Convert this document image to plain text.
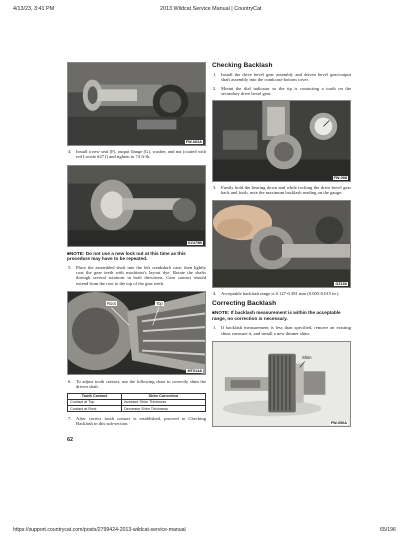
4/13/23, 3:41 PM	2013 Wildcat Service Manual | CountryCat
FW-063A
4. Install a new seal (F), output flange (G), washer, and nut (coated with red Loctite #271) and tighten to 74 ft-lb.
GZ479B
■NOTE: Do not use a new lock nut at this time as this procedure may have to be repeated.
5. Place the assembled shaft into the left crankshaft case; then lightly coat the gear teeth with machinist's layout dye. Rotate the shafts through several rotations in both directions. Gear contact should extend from the root to the top of the gear teeth.
Root	Top
MT014A
6. To adjust tooth contact, use the following chart to correctly shim the driven shaft.
Tooth Contact	Shim Correction
Contact at Top	Increase Shim Thickness
Contact at Root	Decrease Shim Thickness
7. After correct tooth contact is established, proceed to Checking Backlash in this sub-section.
62
Checking Backlash
1. Install the drive bevel gear assembly and driven bevel gear/output shaft assembly into the crankcase bottom cover.
2. Mount the dial indicator so the tip is contacting a tooth on the secondary drive bevel gear.
FW-098
3. Firmly hold the bearing down and while rocking the drive bevel gear back and forth, note the maximum backlash reading on the gauge.
GZ166
4. Acceptable backlash range is 0.127-0.381 mm (0.005-0.015 in.).
Correcting Backlash
■NOTE: If backlash measurement is within the acceptable range, no correction is necessary.
1. If backlash measurement is less than specified, remove an existing shim, measure it, and install a new thinner shim.
Shim
FW-096A
https://support.countrycat.com/posts/2799424-2013-wildcat-service-manual	65/196
